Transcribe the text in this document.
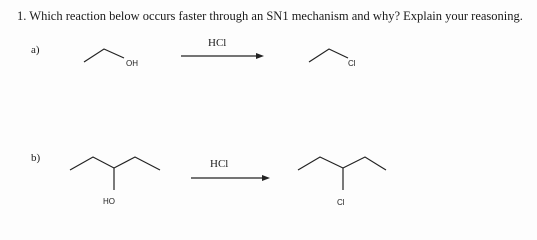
1. Which reaction below occurs faster through an SN1 mechanism and why? Explain your reasoning.
a)
HCl
b)	HCl
OH	Cl
HO	Cl
